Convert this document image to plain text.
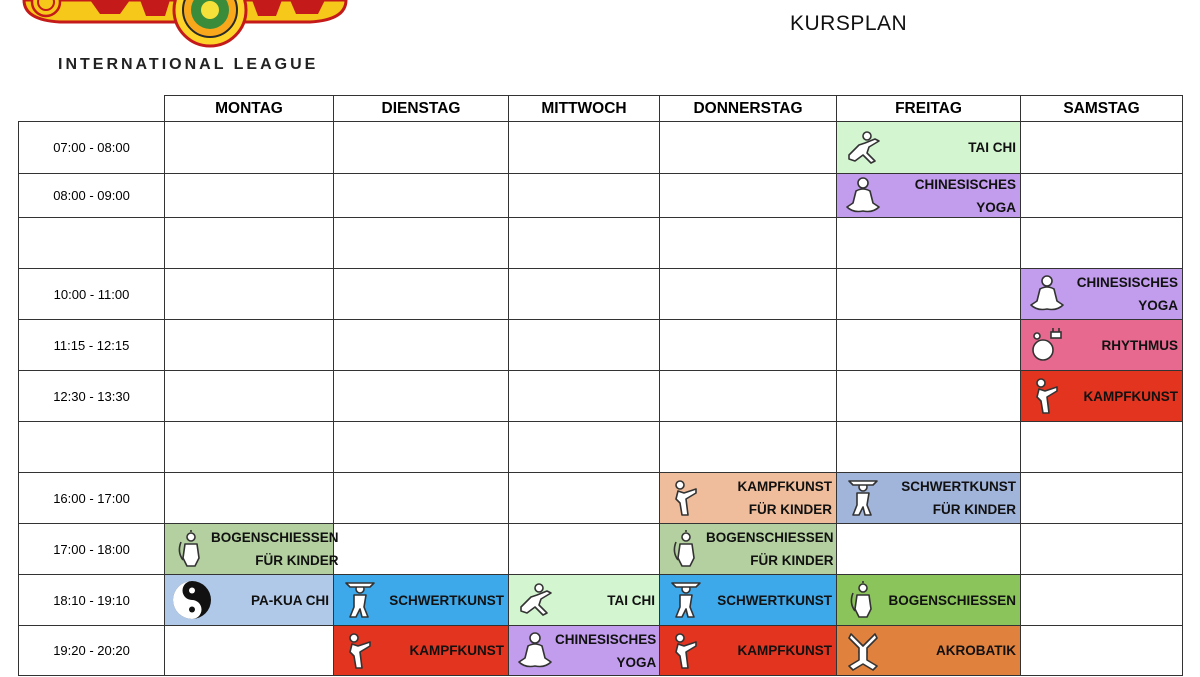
INTERNATIONAL LEAGUE
KURSPLAN
	MONTAG	DIENSTAG	MITTWOCH	DONNERSTAG	FREITAG	SAMSTAG
07:00 - 08:00					TAI CHI	

08:00 - 09:00					CHINESISCHES
YOGA	

10:00 - 11:00						CHINESISCHES
YOGA

11:15 - 12:15						RHYTHMUS

12:30 - 13:30						KAMPFKUNST

16:00 - 17:00				KAMPFKUNST
FÜR KINDER	SCHWERTKUNST
FÜR KINDER	

17:00 - 18:00	BOGENSCHIESSEN
FÜR KINDER			BOGENSCHIESSEN
FÜR KINDER		

18:10 - 19:10	PA-KUA CHI	SCHWERTKUNST	TAI CHI	SCHWERTKUNST	BOGENSCHIESSEN	

19:20 - 20:20		KAMPFKUNST	CHINESISCHES
YOGA	KAMPFKUNST	AKROBATIK	
